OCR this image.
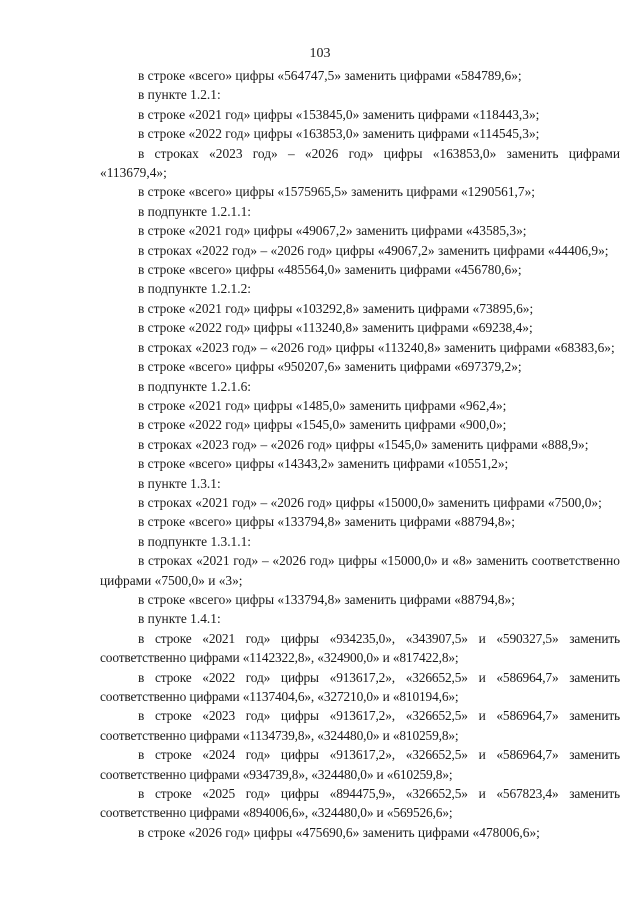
103

в строке «всего» цифры «564747,5» заменить цифрами «584789,6»;

в пункте 1.2.1:

в строке «2021 год» цифры «153845,0» заменить цифрами «118443,3»;

в строке «2022 год» цифры «163853,0» заменить цифрами «114545,3»;

в строках «2023 год» – «2026 год» цифры «163853,0» заменить цифрами «113679,4»;

в строке «всего» цифры «1575965,5» заменить цифрами «1290561,7»;

в подпункте 1.2.1.1:

в строке «2021 год» цифры «49067,2» заменить цифрами «43585,3»;

в строках «2022 год» – «2026 год» цифры «49067,2» заменить цифрами «44406,9»;

в строке «всего» цифры «485564,0» заменить цифрами «456780,6»;

в подпункте 1.2.1.2:

в строке «2021 год» цифры «103292,8» заменить цифрами «73895,6»;

в строке «2022 год» цифры «113240,8» заменить цифрами «69238,4»;

в строках «2023 год» – «2026 год» цифры «113240,8» заменить цифрами «68383,6»;

в строке «всего» цифры «950207,6» заменить цифрами «697379,2»;

в подпункте 1.2.1.6:

в строке «2021 год» цифры «1485,0» заменить цифрами «962,4»;

в строке «2022 год» цифры «1545,0» заменить цифрами «900,0»;

в строках «2023 год» – «2026 год» цифры «1545,0» заменить цифрами «888,9»;

в строке «всего» цифры «14343,2» заменить цифрами «10551,2»;

в пункте 1.3.1:

в строках «2021 год» – «2026 год» цифры «15000,0» заменить цифрами «7500,0»;

в строке «всего» цифры «133794,8» заменить цифрами «88794,8»;

в подпункте 1.3.1.1:

в строках «2021 год» – «2026 год» цифры «15000,0» и «8» заменить соответственно цифрами «7500,0» и «3»;

в строке «всего» цифры «133794,8» заменить цифрами «88794,8»;

в пункте 1.4.1:

в строке «2021 год» цифры «934235,0», «343907,5» и «590327,5» заменить соответственно цифрами «1142322,8», «324900,0» и «817422,8»;

в строке «2022 год» цифры «913617,2», «326652,5» и «586964,7» заменить соответственно цифрами «1137404,6», «327210,0» и «810194,6»;

в строке «2023 год» цифры «913617,2», «326652,5» и «586964,7» заменить соответственно цифрами «1134739,8», «324480,0» и «810259,8»;

в строке «2024 год» цифры «913617,2», «326652,5» и «586964,7» заменить соответственно цифрами «934739,8», «324480,0» и «610259,8»;

в строке «2025 год» цифры «894475,9», «326652,5» и «567823,4» заменить соответственно цифрами «894006,6», «324480,0» и «569526,6»;

в строке «2026 год» цифры «475690,6» заменить цифрами «478006,6»;
